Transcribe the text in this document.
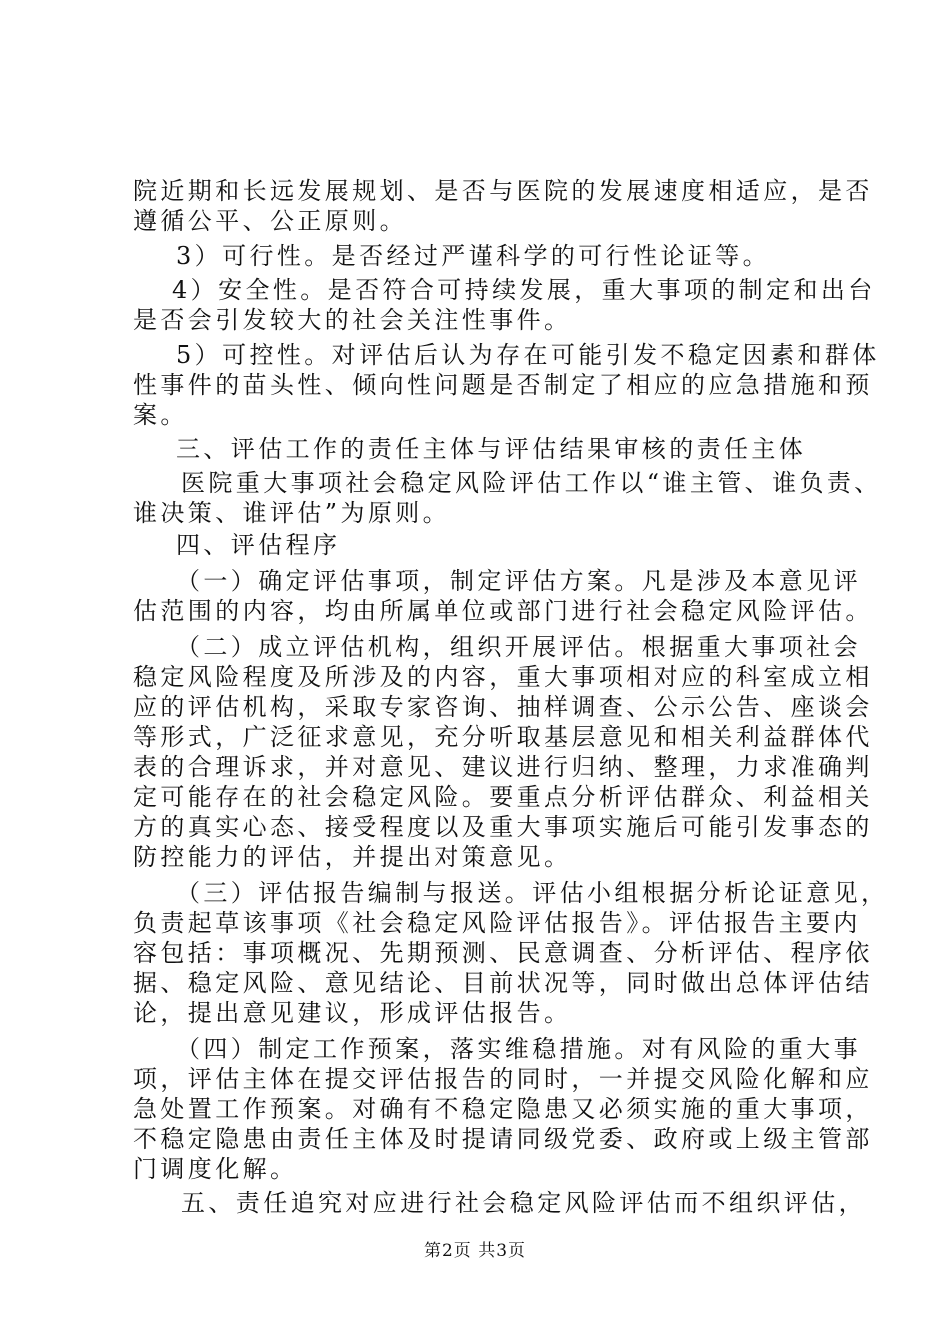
院近期和长远发展规划、是否与医院的发展速度相适应，是否
遵循公平、公正原则。
3）可行性。是否经过严谨科学的可行性论证等。
4）安全性。是否符合可持续发展，重大事项的制定和出台
是否会引发较大的社会关注性事件。
5）可控性。对评估后认为存在可能引发不稳定因素和群体
性事件的苗头性、倾向性问题是否制定了相应的应急措施和预
案。
三、评估工作的责任主体与评估结果审核的责任主体
医院重大事项社会稳定风险评估工作以“谁主管、谁负责、
谁决策、谁评估”为原则。
四、评估程序
（一）确定评估事项，制定评估方案。凡是涉及本意见评
估范围的内容，均由所属单位或部门进行社会稳定风险评估。
（二）成立评估机构，组织开展评估。根据重大事项社会
稳定风险程度及所涉及的内容，重大事项相对应的科室成立相
应的评估机构，采取专家咨询、抽样调查、公示公告、座谈会
等形式，广泛征求意见，充分听取基层意见和相关利益群体代
表的合理诉求，并对意见、建议进行归纳、整理，力求准确判
定可能存在的社会稳定风险。要重点分析评估群众、利益相关
方的真实心态、接受程度以及重大事项实施后可能引发事态的
防控能力的评估，并提出对策意见。
（三）评估报告编制与报送。评估小组根据分析论证意见，
负责起草该事项《社会稳定风险评估报告》。评估报告主要内
容包括：事项概况、先期预测、民意调查、分析评估、程序依
据、稳定风险、意见结论、目前状况等，同时做出总体评估结
论，提出意见建议，形成评估报告。
（四）制定工作预案，落实维稳措施。对有风险的重大事
项，评估主体在提交评估报告的同时，一并提交风险化解和应
急处置工作预案。对确有不稳定隐患又必须实施的重大事项，
不稳定隐患由责任主体及时提请同级党委、政府或上级主管部
门调度化解。
五、责任追究对应进行社会稳定风险评估而不组织评估，
第2页 共3页
